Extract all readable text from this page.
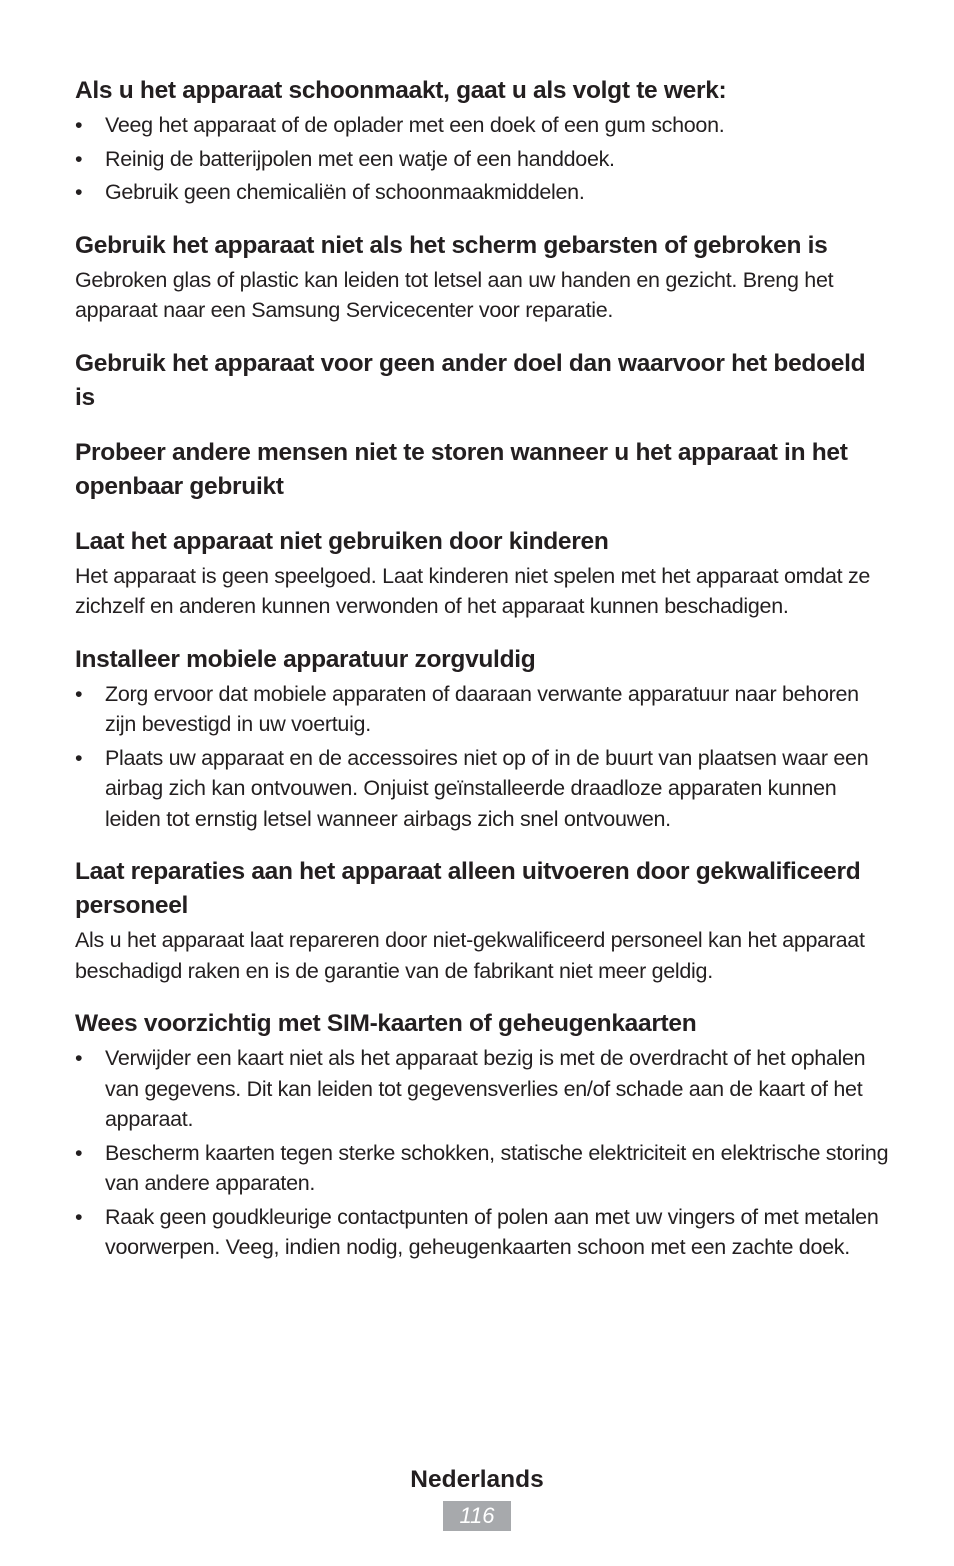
Als u het apparaat schoonmaakt, gaat u als volgt te werk:
• Veeg het apparaat of de oplader met een doek of een gum schoon.
• Reinig de batterijpolen met een watje of een handdoek.
• Gebruik geen chemicaliën of schoonmaakmiddelen.
Gebruik het apparaat niet als het scherm gebarsten of gebroken is

Gebroken glas of plastic kan leiden tot letsel aan uw handen en gezicht. Breng het apparaat naar een Samsung Servicecenter voor reparatie.

Gebruik het apparaat voor geen ander doel dan waarvoor het bedoeld is
Probeer andere mensen niet te storen wanneer u het apparaat in het openbaar gebruikt
Laat het apparaat niet gebruiken door kinderen

Het apparaat is geen speelgoed. Laat kinderen niet spelen met het apparaat omdat ze zichzelf en anderen kunnen verwonden of het apparaat kunnen beschadigen.

Installeer mobiele apparatuur zorgvuldig
• Zorg ervoor dat mobiele apparaten of daaraan verwante apparatuur naar behoren zijn bevestigd in uw voertuig.
• Plaats uw apparaat en de accessoires niet op of in de buurt van plaatsen waar een airbag zich kan ontvouwen. Onjuist geïnstalleerde draadloze apparaten kunnen leiden tot ernstig letsel wanneer airbags zich snel ontvouwen.
Laat reparaties aan het apparaat alleen uitvoeren door gekwalificeerd personeel

Als u het apparaat laat repareren door niet-gekwalificeerd personeel kan het apparaat beschadigd raken en is de garantie van de fabrikant niet meer geldig.

Wees voorzichtig met SIM-kaarten of geheugenkaarten
• Verwijder een kaart niet als het apparaat bezig is met de overdracht of het ophalen van gegevens. Dit kan leiden tot gegevensverlies en/of schade aan de kaart of het apparaat.
• Bescherm kaarten tegen sterke schokken, statische elektriciteit en elektrische storing van andere apparaten.
• Raak geen goudkleurige contactpunten of polen aan met uw vingers of met metalen voorwerpen. Veeg, indien nodig, geheugenkaarten schoon met een zachte doek.
Nederlands
116
